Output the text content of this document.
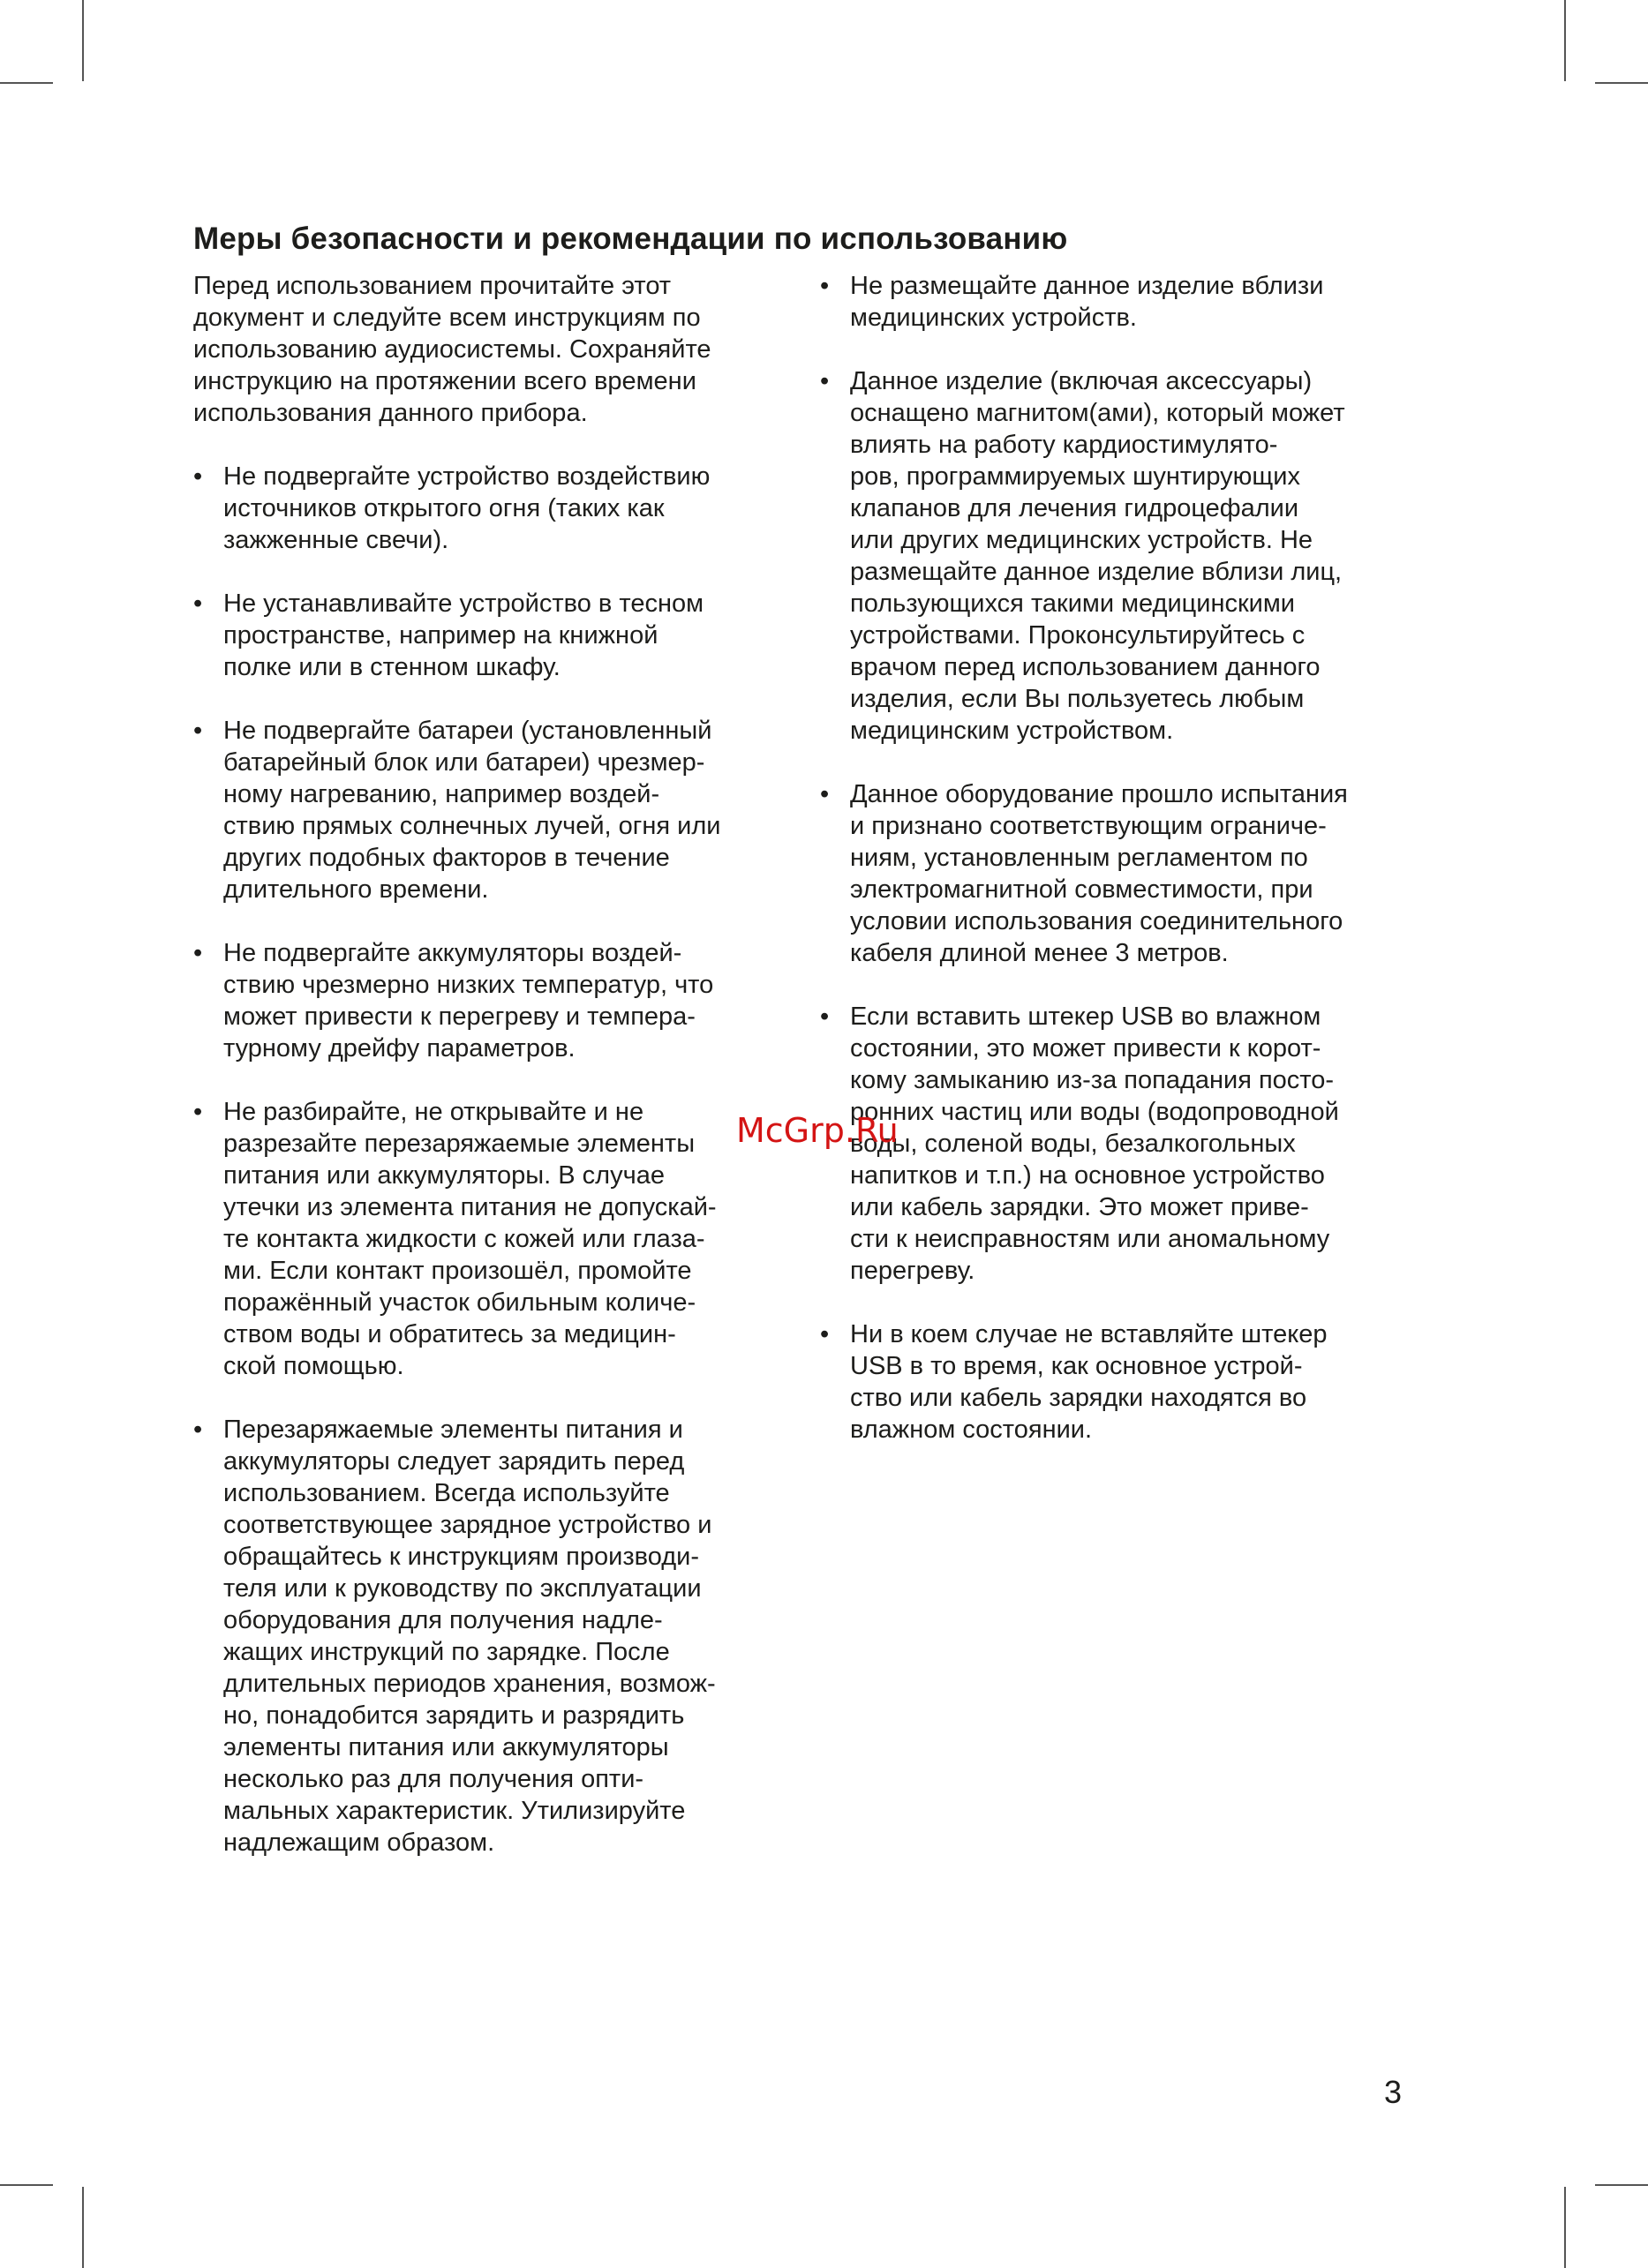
Меры безопасности и рекомендации по использованию

Перед использованием прочитайте этот
документ и следуйте всем инструкциям по
использованию аудиосистемы. Сохраняйте
инструкцию на протяжении всего времени
использования данного прибора.

• Не подвергайте устройство воздействию
источников открытого огня (таких как
зажженные свечи).
• Не устанавливайте устройство в тесном
пространстве, например на книжной
полке или в стенном шкафу.
• Не подвергайте батареи (установленный
батарейный блок или батареи) чрезмер-
ному нагреванию, например воздей-
ствию прямых солнечных лучей, огня или
других подобных факторов в течение
длительного времени.
• Не подвергайте аккумуляторы воздей-
ствию чрезмерно низких температур, что
может привести к перегреву и темпера-
турному дрейфу параметров.
• Не разбирайте, не открывайте и не
разрезайте перезаряжаемые элементы
питания или аккумуляторы. В случае
утечки из элемента питания не допускай-
те контакта жидкости с кожей или глаза-
ми. Если контакт произошёл, промойте
поражённый участок обильным количе-
ством воды и обратитесь за медицин-
ской помощью.
• Перезаряжаемые элементы питания и
аккумуляторы следует зарядить перед
использованием. Всегда используйте
соответствующее зарядное устройство и
обращайтесь к инструкциям производи-
теля или к руководству по эксплуатации
оборудования для получения надле-
жащих инструкций по зарядке. После
длительных периодов хранения, возмож-
но, понадобится зарядить и разрядить
элементы питания или аккумуляторы
несколько раз для получения опти-
мальных характеристик. Утилизируйте
надлежащим образом.
• Не размещайте данное изделие вблизи
медицинских устройств.
• Данное изделие (включая аксессуары)
оснащено магнитом(ами), который может
влиять на работу кардиостимулято-
ров, программируемых шунтирующих
клапанов для лечения гидроцефалии
или других медицинских устройств. Не
размещайте данное изделие вблизи лиц,
пользующихся такими медицинскими
устройствами. Проконсультируйтесь с
врачом перед использованием данного
изделия, если Вы пользуетесь любым
медицинским устройством.
• Данное оборудование прошло испытания
и признано соответствующим ограниче-
ниям, установленным регламентом по
электромагнитной совместимости, при
условии использования соединительного
кабеля длиной менее 3 метров.
• Если вставить штекер USB во влажном
состоянии, это может привести к корот-
кому замыканию из-за попадания посто-
ронних частиц или воды (водопроводной
воды, соленой воды, безалкогольных
напитков и т.п.) на основное устройство
или кабель зарядки. Это может приве-
сти к неисправностям или аномальному
перегреву.
• Ни в коем случае не вставляйте штекер
USB в то время, как основное устрой-
ство или кабель зарядки находятся во
влажном состоянии.
McGrp.Ru
3
